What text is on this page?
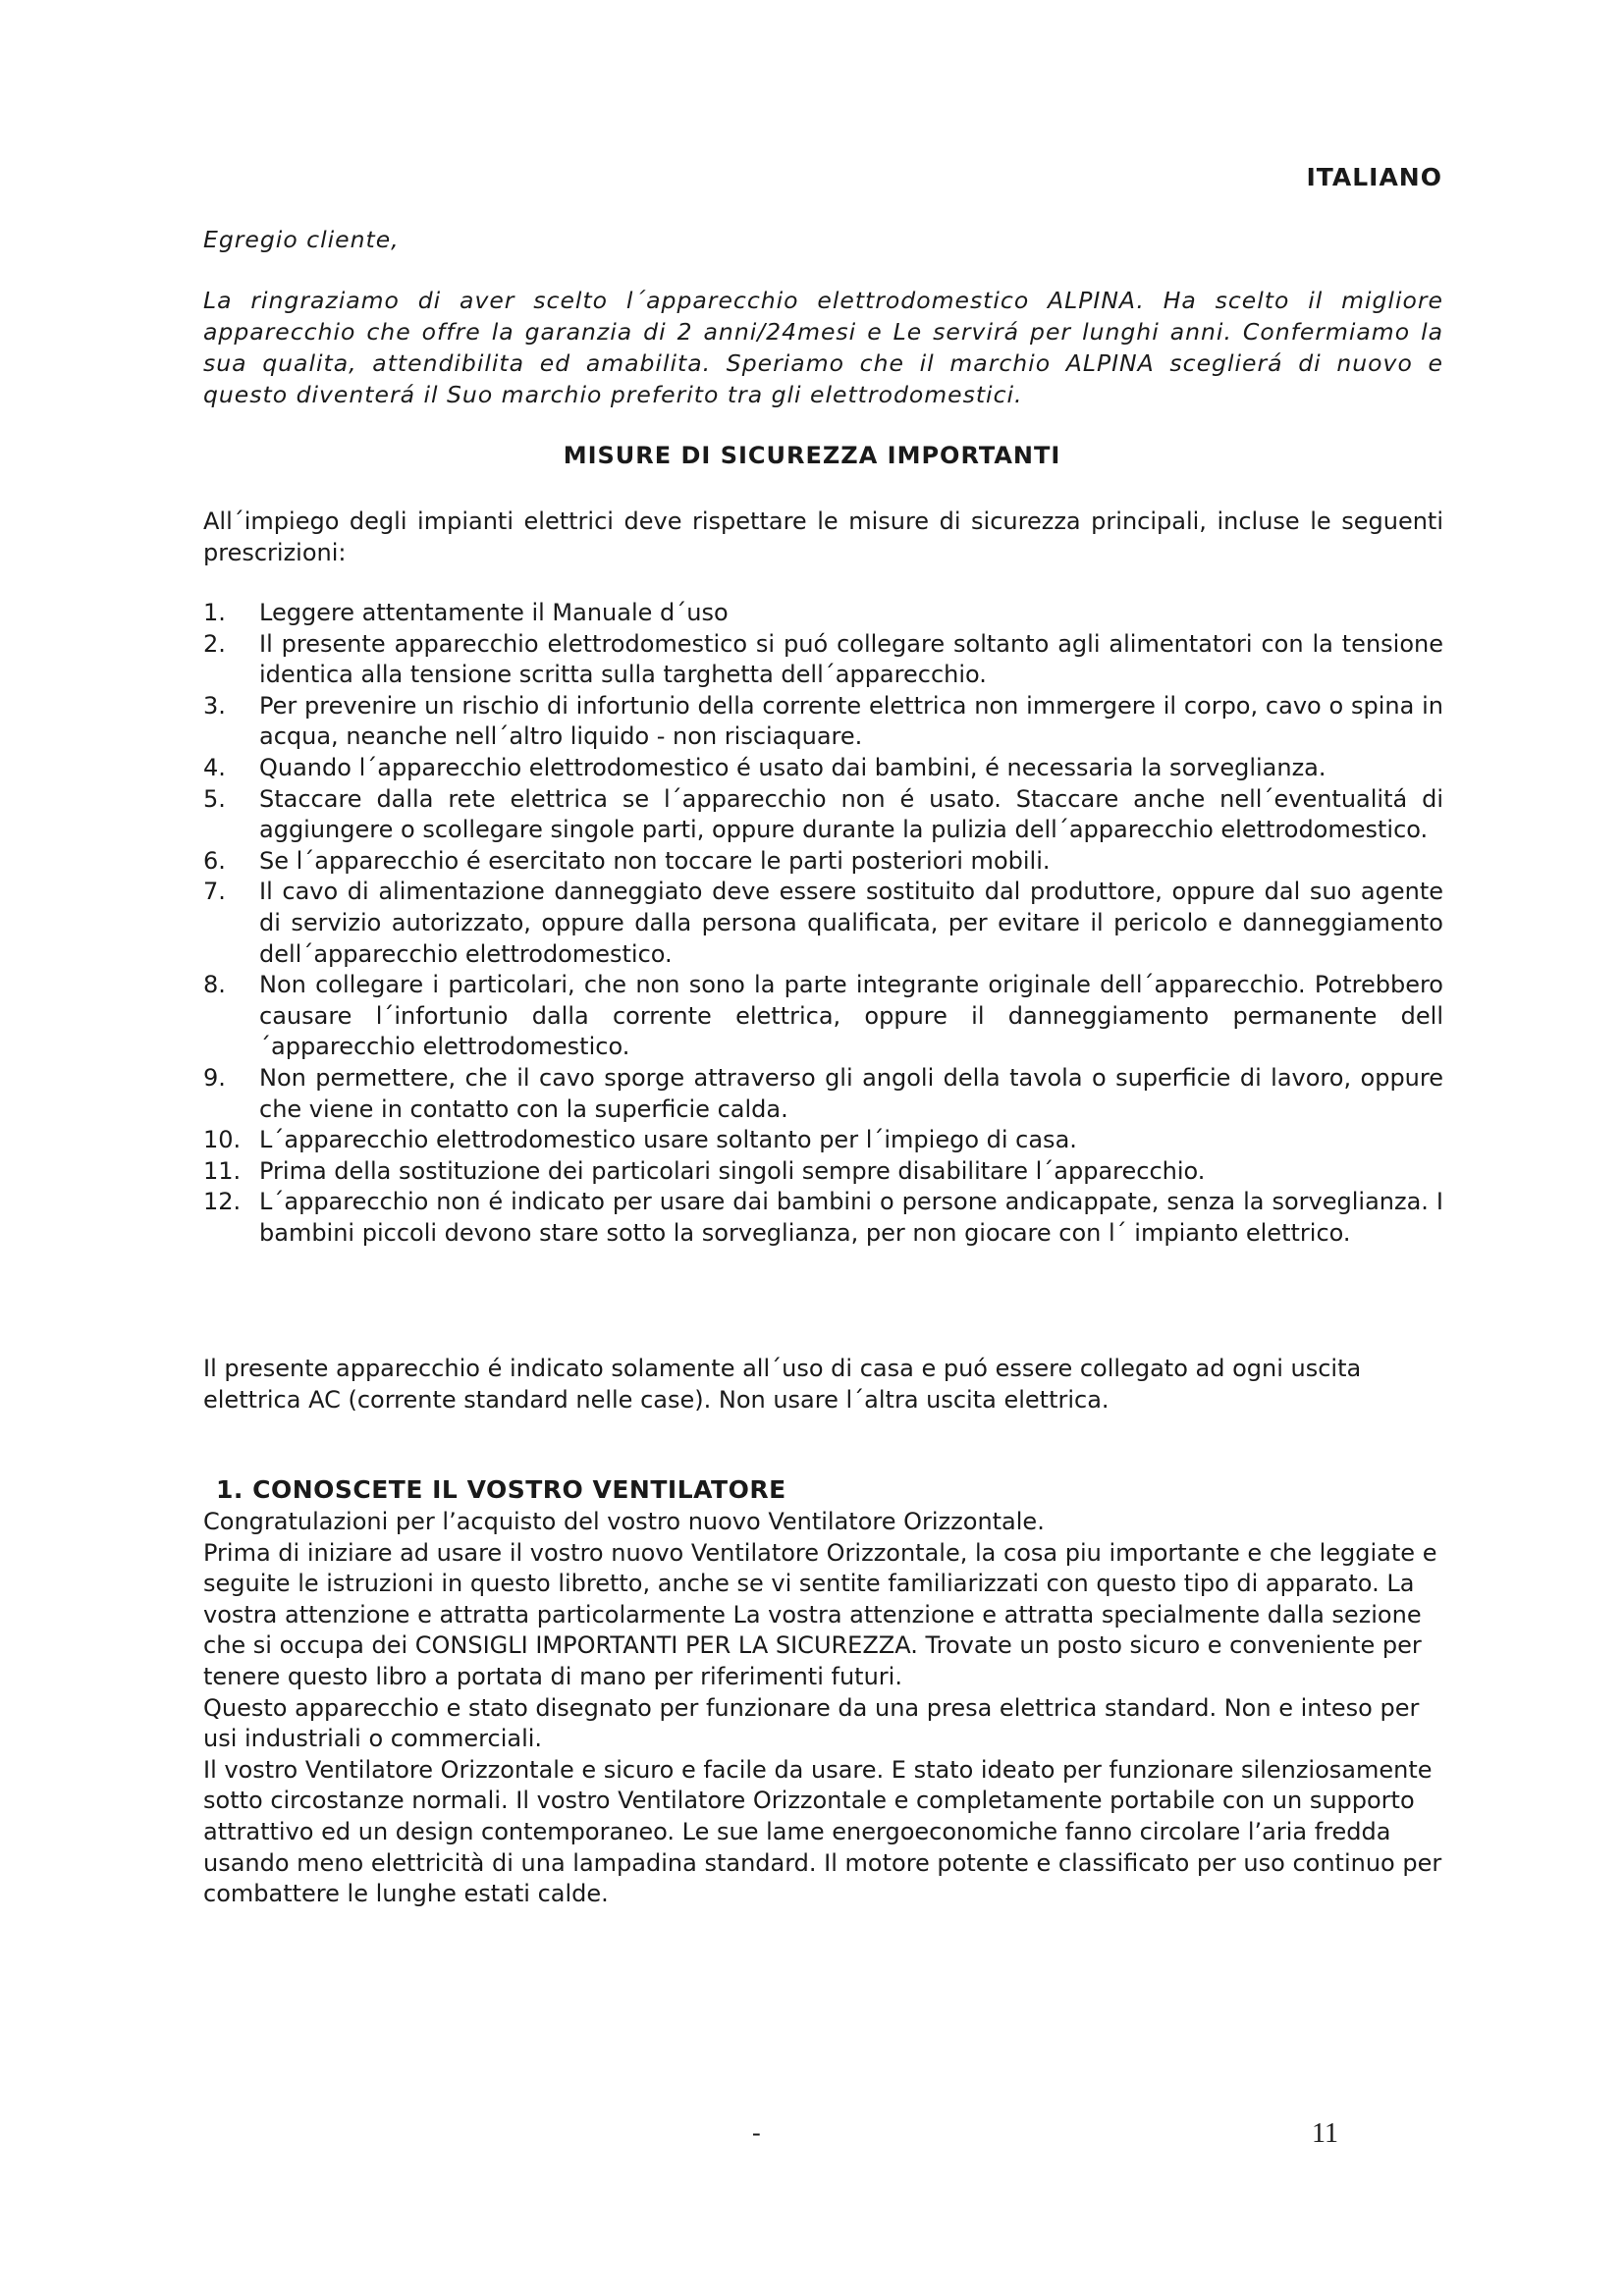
ITALIANO
Egregio cliente,
La ringraziamo di aver scelto l´apparecchio elettrodomestico ALPINA. Ha scelto il migliore apparecchio che offre la garanzia di 2 anni/24mesi e Le servirá per lunghi anni. Confermiamo la sua qualita, attendibilita ed amabilita. Speriamo che il marchio ALPINA sceglierá di nuovo e questo diventerá il Suo marchio preferito tra gli elettrodomestici.
MISURE DI SICUREZZA IMPORTANTI
All´impiego degli impianti elettrici deve rispettare le misure di sicurezza principali, incluse le seguenti prescrizioni:
1. Leggere attentamente il Manuale d´uso
2. Il presente apparecchio elettrodomestico si puó collegare soltanto agli alimentatori con la tensione identica alla tensione scritta sulla targhetta dell´apparecchio.
3. Per prevenire un rischio di infortunio della corrente elettrica non immergere il corpo, cavo o spina in acqua, neanche nell´altro liquido - non risciaquare.
4. Quando l´apparecchio elettrodomestico é usato dai bambini, é necessaria la sorveglianza.
5. Staccare dalla rete elettrica se l´apparecchio non é usato. Staccare anche nell´eventualitá di aggiungere o scollegare singole parti, oppure durante la pulizia dell´apparecchio elettrodomestico.
6. Se l´apparecchio é esercitato non toccare le parti posteriori mobili.
7. Il cavo di alimentazione danneggiato deve essere sostituito dal produttore, oppure dal suo agente di servizio autorizzato, oppure dalla persona qualificata, per evitare il pericolo e danneggiamento dell´apparecchio elettrodomestico.
8. Non collegare i particolari, che non sono la parte integrante originale dell´apparecchio. Potrebbero causare l´infortunio dalla corrente elettrica, oppure il danneggiamento permanente dell´apparecchio elettrodomestico.
9. Non permettere, che il cavo sporge attraverso gli angoli della tavola o superficie di lavoro, oppure che viene in contatto con la superficie calda.
10. L´apparecchio elettrodomestico usare soltanto per l´impiego di casa.
11. Prima della sostituzione dei particolari singoli sempre disabilitare l´apparecchio.
12. L´apparecchio non é indicato per usare dai bambini o persone andicappate, senza la sorveglianza. I bambini piccoli devono stare sotto la sorveglianza, per non giocare con l´ impianto elettrico.
Il presente apparecchio é indicato solamente all´uso di casa e puó essere collegato ad ogni uscita elettrica AC (corrente standard nelle case). Non usare l´altra uscita elettrica.
1. CONOSCETE IL VOSTRO VENTILATORE

Congratulazioni per l’acquisto del vostro nuovo Ventilatore Orizzontale.

Prima di iniziare ad usare il vostro nuovo Ventilatore Orizzontale, la cosa piu importante e che leggiate e seguite le istruzioni in questo libretto, anche se vi sentite familiarizzati con questo tipo di apparato. La vostra attenzione e attratta particolarmente La vostra attenzione e attratta specialmente dalla sezione che si occupa dei CONSIGLI IMPORTANTI PER LA SICUREZZA. Trovate un posto sicuro e conveniente per tenere questo libro a portata di mano per riferimenti futuri.

Questo apparecchio e stato disegnato per funzionare da una presa elettrica standard. Non e inteso per usi industriali o commerciali.

Il vostro Ventilatore Orizzontale e sicuro e facile da usare. E stato ideato per funzionare silenziosamente sotto circostanze normali. Il vostro Ventilatore Orizzontale e completamente portabile con un supporto attrattivo ed un design contemporaneo. Le sue lame energoeconomiche fanno circolare l’aria fredda usando meno elettricità di una lampadina standard. Il motore potente e classificato per uso continuo per combattere le lunghe estati calde.

-	11
